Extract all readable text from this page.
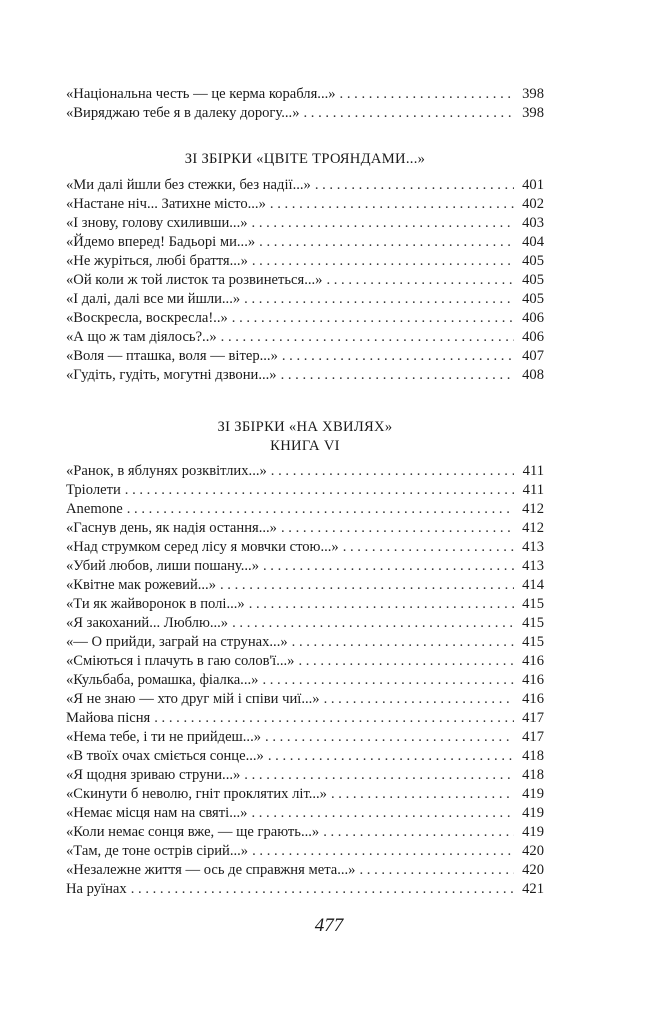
«Національна честь — це керма корабля...» . . .	398
«Виряджаю тебе я в далеку дорогу...» . . .	398
ЗІ ЗБІРКИ «ЦВІТЕ ТРОЯНДАМИ...»
«Ми далі йшли без стежки, без надії...» . . .	401
«Настане ніч... Затихне місто...» . . .	402
«І знову, голову схиливши...» . . .	403
«Йдемо вперед! Бадьорі ми...» . . .	404
«Не журіться, любі браття...» . . .	405
«Ой коли ж той листок та розвинеться...» . . .	405
«І далі, далі все ми йшли...» . . .	405
«Воскресла, воскресла!..» . . .	406
«А що ж там діялось?..» . . .	406
«Воля — пташка, воля — вітер...» . . .	407
«Гудіть, гудіть, могутні дзвони...» . . .	408
ЗІ ЗБІРКИ «НА ХВИЛЯХ»
КНИГА VI
«Ранок, в яблунях розквітлих...» . . .	411
Тріолети . . .	411
Anemone . . .	412
«Гаснув день, як надія остання...» . . .	412
«Над струмком серед лісу я мовчки стою...» . . .	413
«Убий любов, лиши пошану...» . . .	413
«Квітне мак рожевий...» . . .	414
«Ти як жайворонок в полі...» . . .	415
«Я закоханий... Люблю...» . . .	415
«— О прийди, заграй на струнах...» . . .	415
«Сміються і плачуть в гаю солов'ї...» . . .	416
«Кульбаба, ромашка, фіалка...» . . .	416
«Я не знаю — хто друг мій і співи чиї...» . . .	416
Майова пісня . . .	417
«Нема тебе, і ти не прийдеш...» . . .	417
«В твоїх очах сміється сонце...» . . .	418
«Я щодня зриваю струни...» . . .	418
«Скинути б неволю, гніт проклятих літ...» . . .	419
«Немає місця нам на святі...» . . .	419
«Коли немає сонця вже, — ще грають...» . . .	419
«Там, де тоне острів сірий...» . . .	420
«Незалежне життя — ось де справжня мета...» . . .	420
На руїнах . . .	421
477
